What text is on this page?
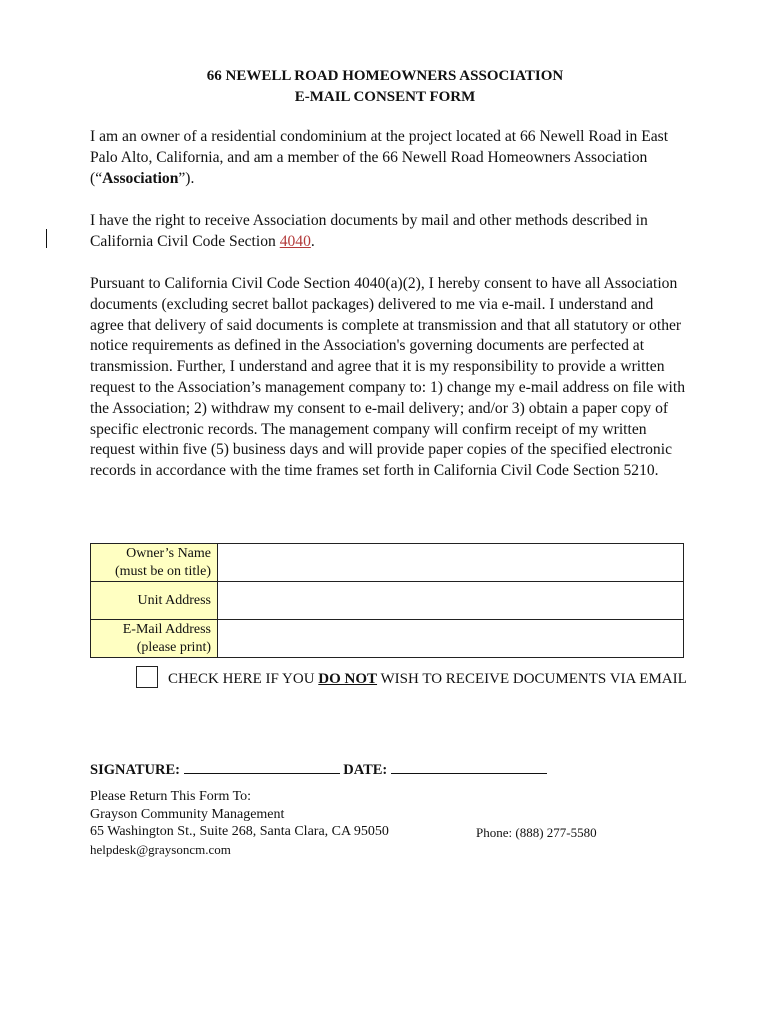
66 NEWELL ROAD HOMEOWNERS ASSOCIATION
E-MAIL CONSENT FORM

I am an owner of a residential condominium at the project located at 66 Newell Road in East Palo Alto, California, and am a member of the 66 Newell Road Homeowners Association (“Association”).

I have the right to receive Association documents by mail and other methods described in California Civil Code Section 4040.

Pursuant to California Civil Code Section 4040(a)(2), I hereby consent to have all Association documents (excluding secret ballot packages) delivered to me via e-mail. I understand and agree that delivery of said documents is complete at transmission and that all statutory or other notice requirements as defined in the Association's governing documents are perfected at transmission. Further, I understand and agree that it is my responsibility to provide a written request to the Association’s management company to: 1) change my e-mail address on file with the Association; 2) withdraw my consent to e-mail delivery; and/or 3) obtain a paper copy of specific electronic records. The management company will confirm receipt of my written request within five (5) business days and will provide paper copies of the specified electronic records in accordance with the time frames set forth in California Civil Code Section 5210.

Owner’s Name
(must be on title)	

Unit Address	

E-Mail Address
(please print)	

CHECK HERE IF YOU DO NOT WISH TO RECEIVE DOCUMENTS VIA EMAIL
SIGNATURE:	DATE:
Please Return This Form To:
Grayson Community Management
65 Washington St., Suite 268, Santa Clara, CA 95050
helpdesk@graysoncm.com
Phone: (888) 277-5580
